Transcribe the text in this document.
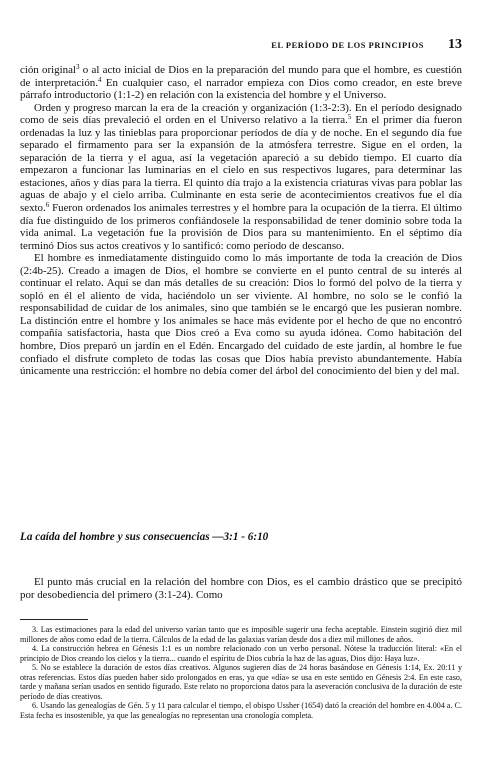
EL PERÍODO DE LOS PRINCIPIOS 13

ción original$^3$ o al acto inicial de Dios en la preparación del mundo para que el hombre, es cuestión de interpretación.$^4$ En cualquier caso, el narrador empieza con Dios como creador, en este breve párrafo introductorio (1:1-2) en relación con la existencia del hombre y el Universo.

Orden y progreso marcan la era de la creación y organización (1:3-2:3). En el período designado como de seis días prevaleció el orden en el Universo relativo a la tierra.$^5$ En el primer día fueron ordenadas la luz y las tinieblas para proporcionar períodos de día y de noche. En el segundo día fue separado el firmamento para ser la expansión de la atmósfera terrestre. Sigue en el orden, la separación de la tierra y el agua, así la vegetación apareció a su debido tiempo. El cuarto día empezaron a funcionar las luminarias en el cielo en sus respectivos lugares, para determinar las estaciones, años y días para la tierra. El quinto día trajo a la existencia criaturas vivas para poblar las aguas de abajo y el cielo arriba. Culminante en esta serie de acontecimientos creativos fue el día sexto.$^6$ Fueron ordenados los animales terrestres y el hombre para la ocupación de la tierra. El último día fue distinguido de los primeros confiándosele la responsabilidad de tener dominio sobre toda la vida animal. La vegetación fue la provisión de Dios para su mantenimiento. En el séptimo día terminó Dios sus actos creativos y lo santificó: como período de descanso.

El hombre es inmediatamente distinguido como lo más importante de toda la creación de Dios (2:4b-25). Creado a imagen de Dios, el hombre se convierte en el punto central de su interés al continuar el relato. Aquí se dan más detalles de su creación: Dios lo formó del polvo de la tierra y sopló en él el aliento de vida, haciéndolo un ser viviente. Al hombre, no solo se le confió la responsabilidad de cuidar de los animales, sino que también se le encargó que les pusieran nombre. La distinción entre el hombre y los animales se hace más evidente por el hecho de que no encontró compañía satisfactoria, hasta que Dios creó a Eva como su ayuda idónea. Como habitación del hombre, Dios preparó un jardín en el Edén. Encargado del cuidado de este jardín, al hombre le fue confiado el disfrute completo de todas las cosas que Dios había previsto abundantemente. Había únicamente una restricción: el hombre no debía comer del árbol del conocimiento del bien y del mal.

La caída del hombre y sus consecuencias —3:1 - 6:10

El punto más crucial en la relación del hombre con Dios, es el cambio drástico que se precipitó por desobediencia del primero (3:1-24). Como

3. Las estimaciones para la edad del universo varían tanto que es imposible sugerir una fecha aceptable. Einstein sugirió diez mil millones de años como edad de la tierra. Cálculos de la edad de las galaxias varían desde dos a diez mil millones de años.

4. La construcción hebrea en Génesis 1:1 es un nombre relacionado con un verbo personal. Nótese la traducción literal: «En el principio de Dios creando los cielos y la tierra... cuando el espíritu de Dios cubría la haz de las aguas, Dios dijo: Haya luz».

5. No se establece la duración de estos días creativos. Algunos sugieren días de 24 horas basándose en Génesis 1:14, Ex. 20:11 y otras referencias. Estos días pueden haber sido prolongados en eras, ya que «día» se usa en este sentido en Génesis 2:4. En este caso, tarde y mañana serían usados en sentido figurado. Este relato no proporciona datos para la aseveración conclusiva de la duración de este período de días creativos.

6. Usando las genealogías de Gén. 5 y 11 para calcular el tiempo, el obispo Ussher (1654) dató la creación del hombre en 4.004 a. C. Esta fecha es insostenible, ya que las genealogías no representan una cronología completa.
